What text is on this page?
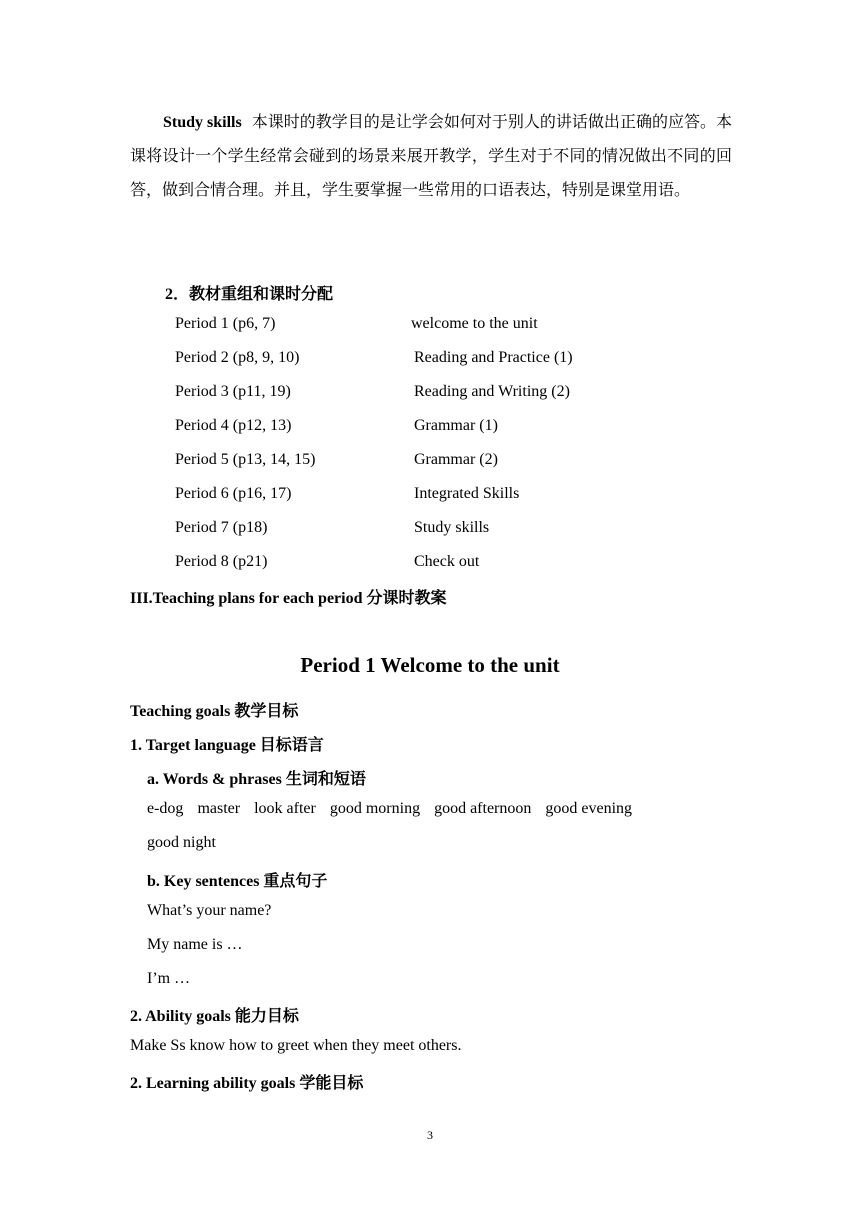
Study skills 本课时的教学目的是让学会如何对于别人的讲话做出正确的应答。本课将设计一个学生经常会碰到的场景来展开教学，学生对于不同的情况做出不同的回答，做到合情合理。并且，学生要掌握一些常用的口语表达，特别是课堂用语。
2．教材重组和课时分配
Period 1 (p6, 7)	welcome to the unit
Period 2 (p8, 9, 10)	Reading and Practice (1)
Period 3 (p11, 19)	Reading and Writing (2)
Period 4 (p12, 13)	Grammar (1)
Period 5 (p13, 14, 15)	Grammar (2)
Period 6 (p16, 17)	Integrated Skills
Period 7 (p18)	Study skills
Period 8 (p21)	Check out
III.Teaching plans for each period 分课时教案
Period 1 Welcome to the unit
Teaching goals 教学目标
1. Target language 目标语言
a. Words & phrases 生词和短语
e-dog master look after good morning good afternoon good evening
good night
b. Key sentences 重点句子
What’s your name?
My name is …
I’m …
2. Ability goals 能力目标
Make Ss know how to greet when they meet others.
2. Learning ability goals 学能目标
3
